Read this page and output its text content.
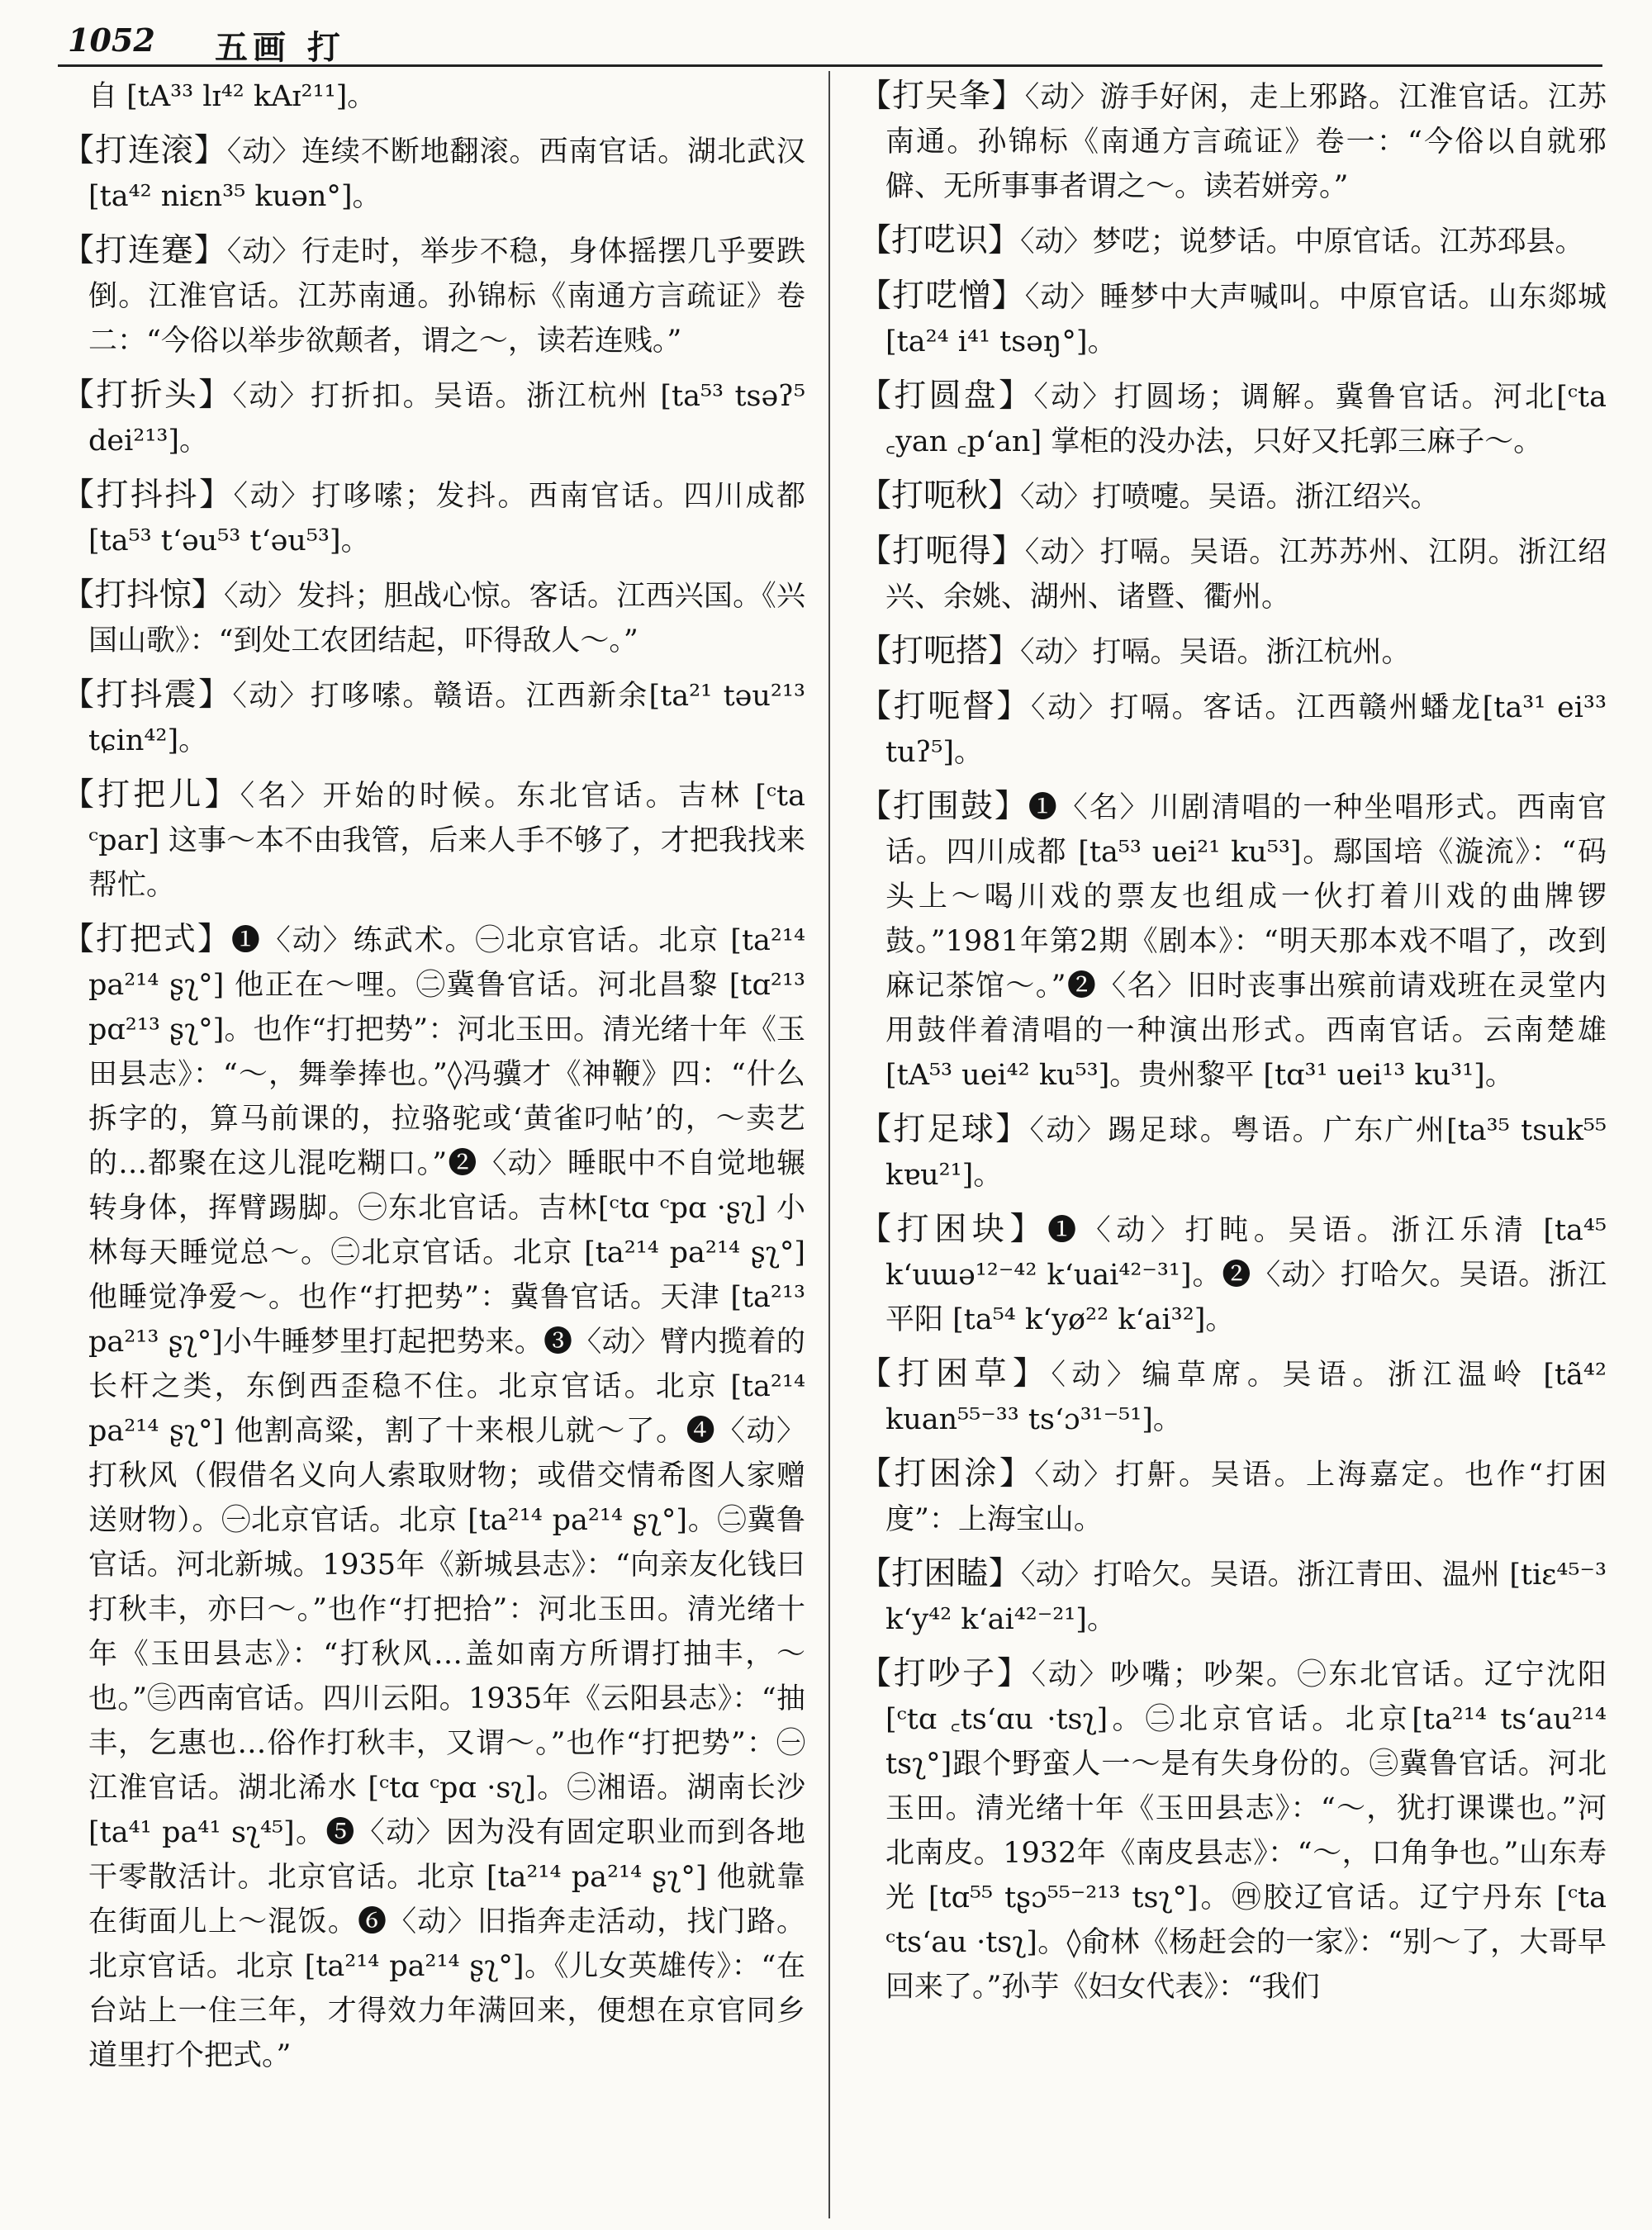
1052 五画 打

自 [tA³³ lɪ⁴² kAɪ²¹¹]。

【打连滚】〈动〉连续不断地翻滚。西南官话。湖北武汉 [ta⁴² niɛn³⁵ kuən°]。

【打连蹇】〈动〉行走时，举步不稳，身体摇摆几乎要跌倒。江淮官话。江苏南通。孙锦标《南通方言疏证》卷二：“今俗以举步欲颠者，谓之～，读若连贱。”

【打折头】〈动〉打折扣。吴语。浙江杭州 [ta⁵³ tsəʔ⁵ dei²¹³]。

【打抖抖】〈动〉打哆嗦；发抖。西南官话。四川成都 [ta⁵³ t‘əu⁵³ t‘əu⁵³]。

【打抖惊】〈动〉发抖；胆战心惊。客话。江西兴国。《兴国山歌》：“到处工农团结起，吓得敌人～。”

【打抖震】〈动〉打哆嗦。赣语。江西新余[ta²¹ təu²¹³ tɕin⁴²]。

【打把儿】〈名〉开始的时候。东北官话。吉林 [ᶜta ᶜpar] 这事～本不由我管，后来人手不够了，才把我找来帮忙。

【打把式】❶〈动〉练武术。㊀北京官话。北京 [ta²¹⁴ pa²¹⁴ ʂʅ°] 他正在～哩。㊁冀鲁官话。河北昌黎 [tɑ²¹³ pɑ²¹³ ʂʅ°]。也作“打把势”：河北玉田。清光绪十年《玉田县志》：“～，舞拳捧也。”◊冯骥才《神鞭》四：“什么拆字的，算马前课的，拉骆驼或‘黄雀叼帖’的，～卖艺的…都聚在这儿混吃糊口。”❷〈动〉睡眠中不自觉地辗转身体，挥臂踢脚。㊀东北官话。吉林[ᶜtɑ ᶜpɑ ·ʂʅ] 小林每天睡觉总～。㊁北京官话。北京 [ta²¹⁴ pa²¹⁴ ʂʅ°] 他睡觉净爱～。也作“打把势”：冀鲁官话。天津 [ta²¹³ pa²¹³ ʂʅ°]小牛睡梦里打起把势来。❸〈动〉臂内揽着的长杆之类，东倒西歪稳不住。北京官话。北京 [ta²¹⁴ pa²¹⁴ ʂʅ°] 他割高粱，割了十来根儿就～了。❹〈动〉打秋风（假借名义向人索取财物；或借交情希图人家赠送财物）。㊀北京官话。北京 [ta²¹⁴ pa²¹⁴ ʂʅ°]。㊁冀鲁官话。河北新城。1935年《新城县志》：“向亲友化钱曰打秋丰，亦曰～。”也作“打把拾”：河北玉田。清光绪十年《玉田县志》：“打秋风…盖如南方所谓打抽丰，～也。”㊂西南官话。四川云阳。1935年《云阳县志》：“抽丰，乞惠也…俗作打秋丰，又谓～。”也作“打把势”：㊀江淮官话。湖北浠水 [ᶜtɑ ᶜpɑ ·sʅ]。㊁湘语。湖南长沙 [ta⁴¹ pa⁴¹ sʅ⁴⁵]。❺〈动〉因为没有固定职业而到各地干零散活计。北京官话。北京 [ta²¹⁴ pa²¹⁴ ʂʅ°] 他就靠在街面儿上～混饭。❻〈动〉旧指奔走活动，找门路。北京官话。北京 [ta²¹⁴ pa²¹⁴ ʂʅ°]。《儿女英雄传》：“在台站上一住三年，才得效力年满回来，便想在京官同乡道里打个把式。”

【打㕦夆】〈动〉游手好闲，走上邪路。江淮官话。江苏南通。孙锦标《南通方言疏证》卷一：“今俗以自就邪僻、无所事事者谓之～。读若姘旁。”

【打呓识】〈动〉梦呓；说梦话。中原官话。江苏邳县。

【打呓憎】〈动〉睡梦中大声喊叫。中原官话。山东郯城 [ta²⁴ i⁴¹ tsəŋ°]。

【打圆盘】〈动〉打圆场；调解。冀鲁官话。河北[ᶜta ꜀yan ꜀p‘an] 掌柜的没办法，只好又托郭三麻子～。

【打呃秋】〈动〉打喷嚏。吴语。浙江绍兴。

【打呃得】〈动〉打嗝。吴语。江苏苏州、江阴。浙江绍兴、余姚、湖州、诸暨、衢州。

【打呃搭】〈动〉打嗝。吴语。浙江杭州。

【打呃督】〈动〉打嗝。客话。江西赣州蟠龙[ta³¹ ei³³ tuʔ⁵]。

【打围鼓】❶〈名〉川剧清唱的一种坐唱形式。西南官话。四川成都 [ta⁵³ uei²¹ ku⁵³]。鄢国培《漩流》：“码头上～喝川戏的票友也组成一伙打着川戏的曲牌锣鼓。”1981年第2期《剧本》：“明天那本戏不唱了，改到麻记茶馆～。”❷〈名〉旧时丧事出殡前请戏班在灵堂内用鼓伴着清唱的一种演出形式。西南官话。云南楚雄 [tA⁵³ uei⁴² ku⁵³]。贵州黎平 [tɑ³¹ uei¹³ ku³¹]。

【打足球】〈动〉踢足球。粤语。广东广州[ta³⁵ tsuk⁵⁵ kɐu²¹]。

【打困块】❶〈动〉打盹。吴语。浙江乐清 [ta⁴⁵ k‘uɯə¹²⁻⁴² k‘uai⁴²⁻³¹]。❷〈动〉打哈欠。吴语。浙江平阳 [ta⁵⁴ k‘yø²² k‘ai³²]。

【打困草】〈动〉编草席。吴语。浙江温岭 [tã⁴² kuan⁵⁵⁻³³ ts‘ɔ³¹⁻⁵¹]。

【打困涂】〈动〉打鼾。吴语。上海嘉定。也作“打困度”：上海宝山。

【打困瞌】〈动〉打哈欠。吴语。浙江青田、温州 [tiɛ⁴⁵⁻³ k‘y⁴² k‘ai⁴²⁻²¹]。

【打吵子】〈动〉吵嘴；吵架。㊀东北官话。辽宁沈阳 [ᶜtɑ ꜀ts‘ɑu ·tsʅ]。㊁北京官话。北京[ta²¹⁴ ts‘au²¹⁴ tsʅ°]跟个野蛮人一～是有失身份的。㊂冀鲁官话。河北玉田。清光绪十年《玉田县志》：“～，犹打课谍也。”河北南皮。1932年《南皮县志》：“～，口角争也。”山东寿光 [tɑ⁵⁵ tʂɔ⁵⁵⁻²¹³ tsʅ°]。㊃胶辽官话。辽宁丹东 [ᶜta ᶜts‘au ·tsʅ]。◊俞林《杨赶会的一家》：“别～了，大哥早回来了。”孙芋《妇女代表》：“我们
